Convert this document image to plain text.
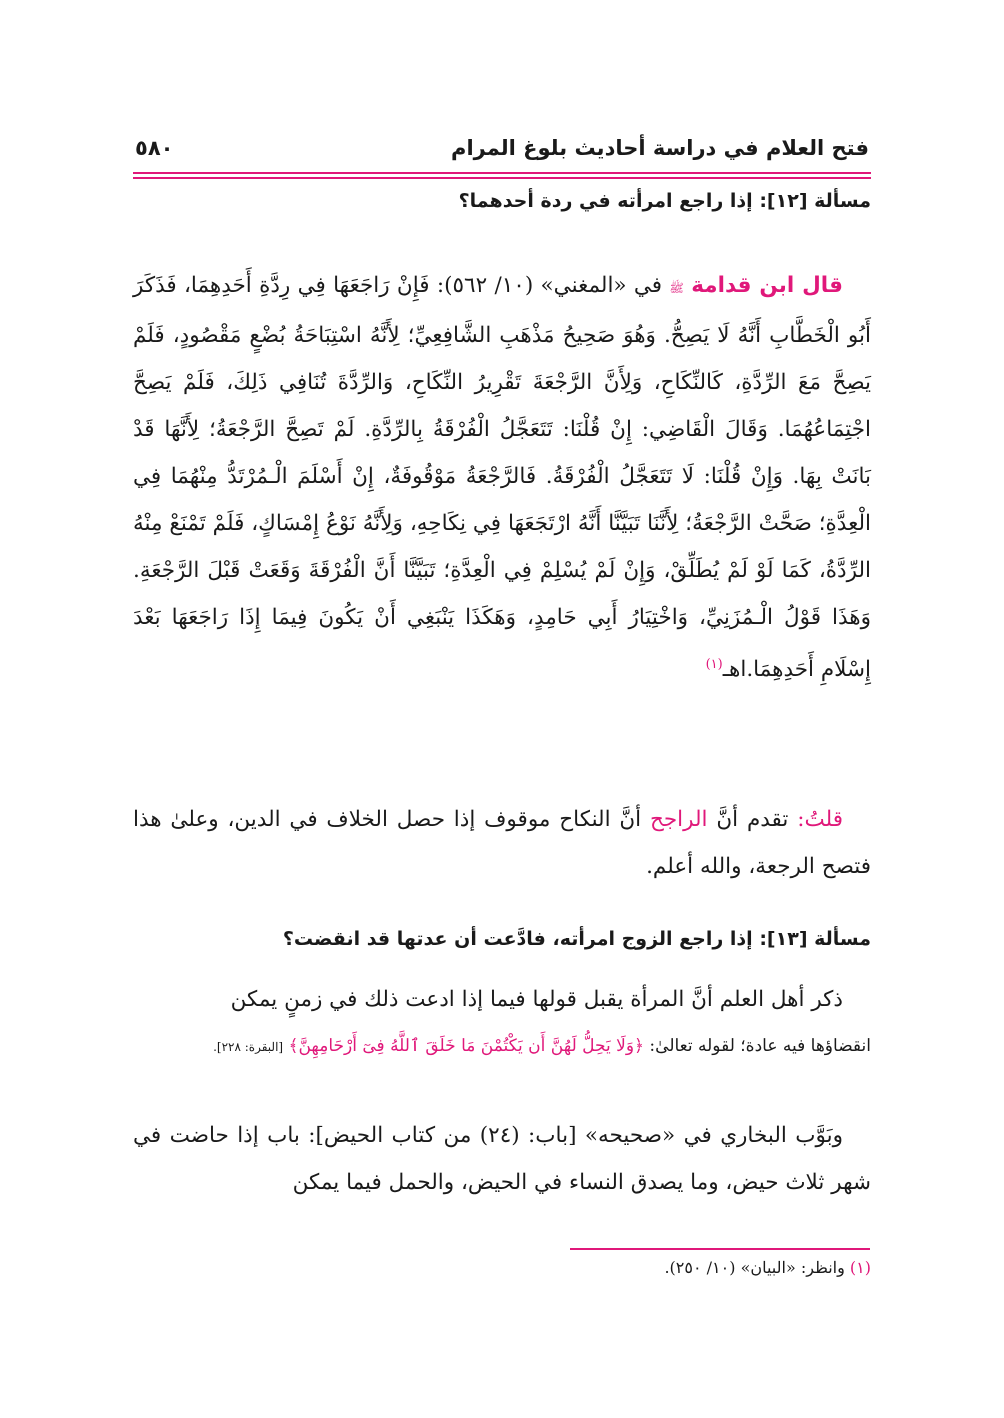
فتح العلام في دراسة أحاديث بلوغ المرام
٥٨٠
مسألة [١٢]: إذا راجع امرأته في ردة أحدهما؟

قال ابن قدامة ﷺ في «المغني» (١٠/ ٥٦٢): فَإِنْ رَاجَعَهَا فِي رِدَّةِ أَحَدِهِمَا، فَذَكَرَ أَبُو الْخَطَّابِ أَنَّهُ لَا يَصِحُّ. وَهُوَ صَحِيحُ مَذْهَبِ الشَّافِعِيِّ؛ لِأَنَّهُ اسْتِبَاحَةُ بُضْعٍ مَقْصُودٍ، فَلَمْ يَصِحَّ مَعَ الرِّدَّةِ، كَالنِّكَاحِ، وَلِأَنَّ الرَّجْعَةَ تَقْرِيرُ النِّكَاحِ، وَالرِّدَّةَ تُنَافِي ذَلِكَ، فَلَمْ يَصِحَّ اجْتِمَاعُهُمَا. وَقَالَ الْقَاضِي: إِنْ قُلْنَا: تَتَعَجَّلُ الْفُرْقَةُ بِالرِّدَّةِ. لَمْ تَصِحَّ الرَّجْعَةُ؛ لِأَنَّهَا قَدْ بَانَتْ بِهَا. وَإِنْ قُلْنَا: لَا تَتَعَجَّلُ الْفُرْقَةُ. فَالرَّجْعَةُ مَوْقُوفَةٌ، إِنْ أَسْلَمَ الْـمُرْتَدُّ مِنْهُمَا فِي الْعِدَّةِ؛ صَحَّتْ الرَّجْعَةُ؛ لِأَنَّنَا تَبَيَّنَّا أَنَّهُ ارْتَجَعَهَا فِي نِكَاحِهِ، وَلِأَنَّهُ نَوْعُ إِمْسَاكٍ، فَلَمْ تَمْنَعْ مِنْهُ الرِّدَّةُ، كَمَا لَوْ لَمْ يُطَلِّقْ، وَإِنْ لَمْ يُسْلِمْ فِي الْعِدَّةِ؛ تَبَيَّنَّا أَنَّ الْفُرْقَةَ وَقَعَتْ قَبْلَ الرَّجْعَةِ. وَهَذَا قَوْلُ الْـمُزَنِيِّ، وَاخْتِيَارُ أَبِي حَامِدٍ، وَهَكَذَا يَنْبَغِي أَنْ يَكُونَ فِيمَا إِذَا رَاجَعَهَا بَعْدَ إِسْلَامِ أَحَدِهِمَا.اهـ$^{(١)}$

قلتُ: تقدم أنَّ الراجح أنَّ النكاح موقوف إذا حصل الخلاف في الدين، وعلىٰ هذا فتصح الرجعة، والله أعلم.

مسألة [١٣]: إذا راجع الزوج امرأته، فادَّعت أن عدتها قد انقضت؟

ذكر أهل العلم أنَّ المرأة يقبل قولها فيما إذا ادعت ذلك في زمنٍ يمكن

انقضاؤها فيه عادة؛ لقوله تعالىٰ: ﴿وَلَا يَحِلُّ لَهُنَّ أَن يَكْتُمْنَ مَا خَلَقَ ٱللَّهُ فِىٓ أَرْحَامِهِنَّ﴾ [البقرة: ٢٢٨].

وبَوَّب البخاري في «صحيحه» [باب: (٢٤) من كتاب الحيض]: باب إذا حاضت في شهر ثلاث حيض، وما يصدق النساء في الحيض، والحمل فيما يمكن

(١) وانظر: «البيان» (١٠/ ٢٥٠).
